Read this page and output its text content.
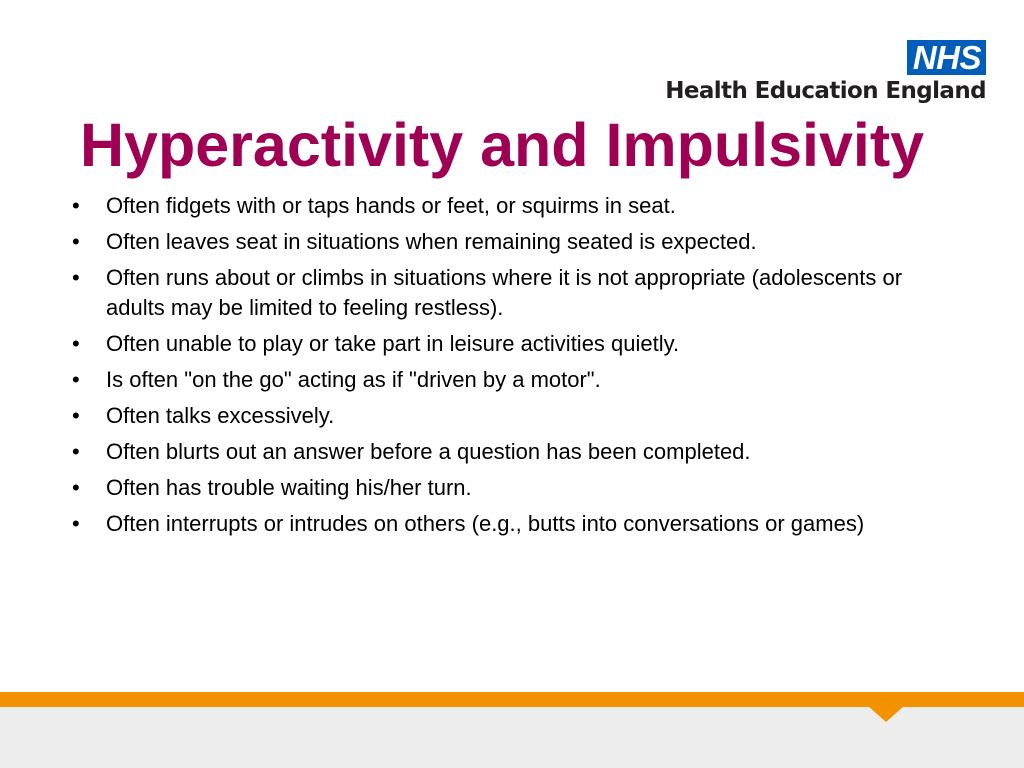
NHS
Health Education England
Hyperactivity and Impulsivity
• Often fidgets with or taps hands or feet, or squirms in seat.
• Often leaves seat in situations when remaining seated is expected.
• Often runs about or climbs in situations where it is not appropriate (adolescents or adults may be limited to feeling restless).
• Often unable to play or take part in leisure activities quietly.
• Is often "on the go" acting as if "driven by a motor".
• Often talks excessively.
• Often blurts out an answer before a question has been completed.
• Often has trouble waiting his/her turn.
• Often interrupts or intrudes on others (e.g., butts into conversations or games)
